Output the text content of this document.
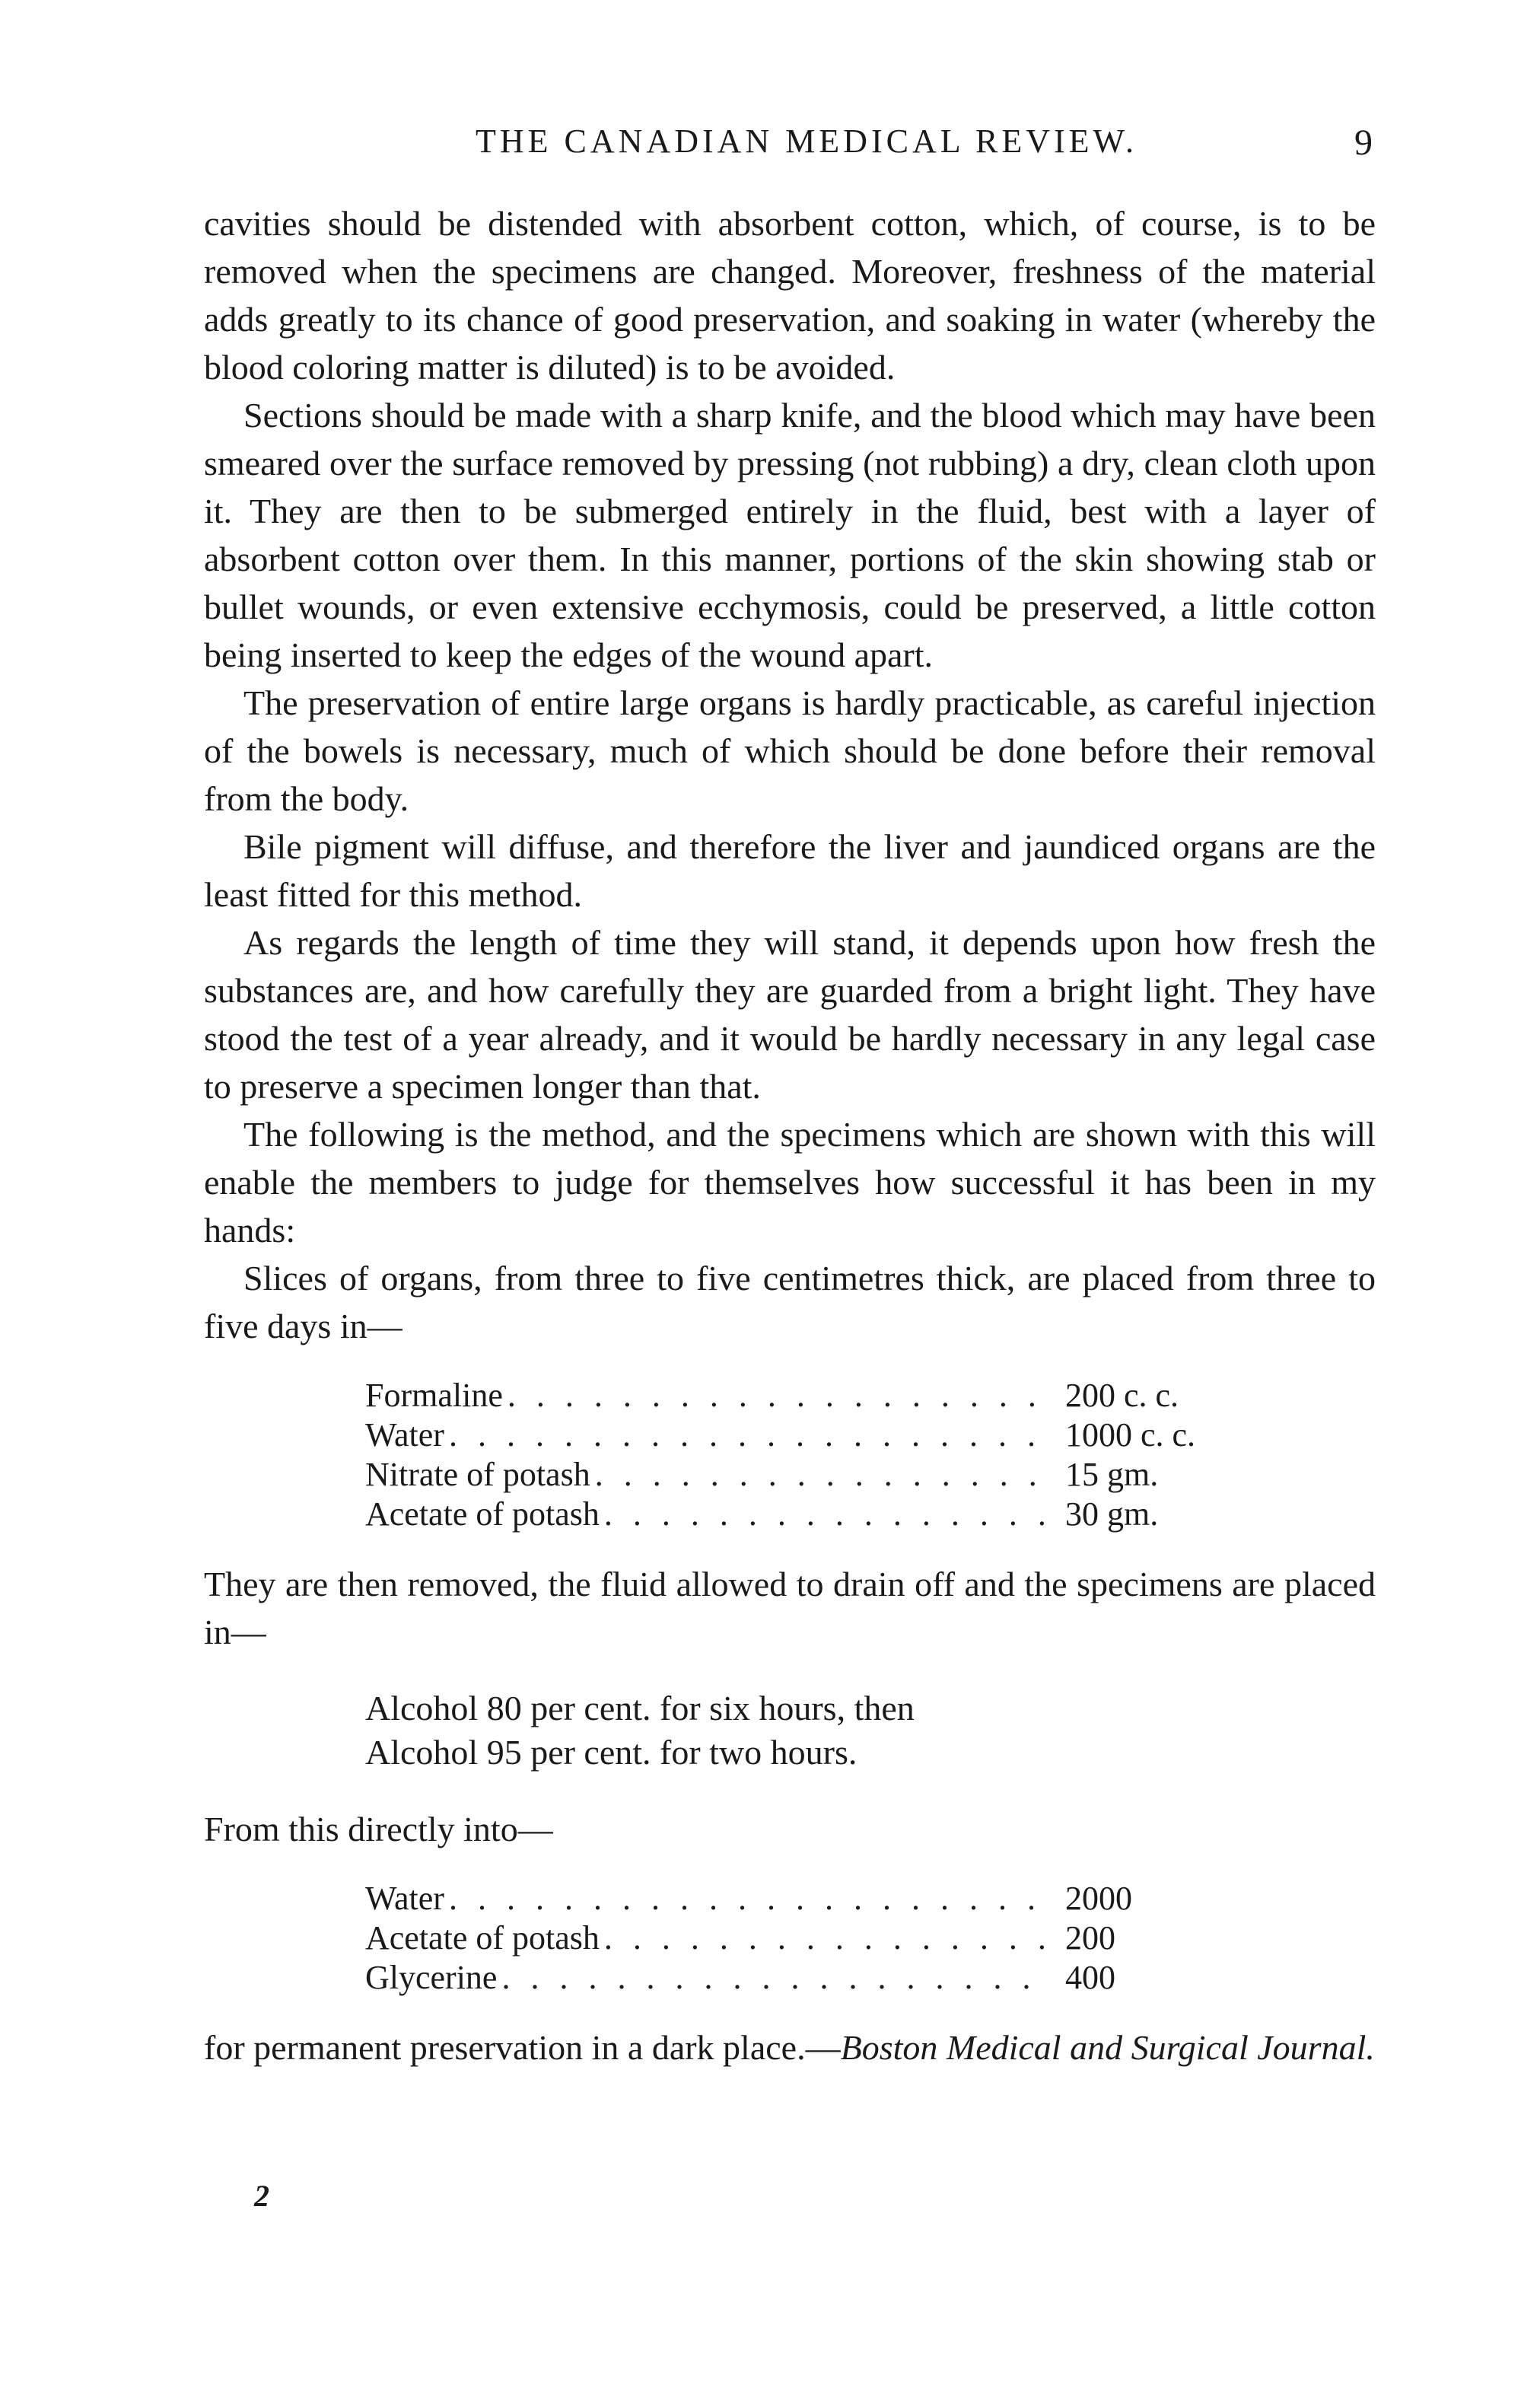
THE CANADIAN MEDICAL REVIEW.	9

cavities should be distended with absorbent cotton, which, of course, is to be removed when the specimens are changed. Moreover, freshness of the material adds greatly to its chance of good preservation, and soaking in water (whereby the blood coloring matter is diluted) is to be avoided.

Sections should be made with a sharp knife, and the blood which may have been smeared over the surface removed by pressing (not rubbing) a dry, clean cloth upon it. They are then to be submerged entirely in the fluid, best with a layer of absorbent cotton over them. In this manner, portions of the skin showing stab or bullet wounds, or even extensive ecchymosis, could be preserved, a little cotton being inserted to keep the edges of the wound apart.

The preservation of entire large organs is hardly practicable, as careful injection of the bowels is necessary, much of which should be done before their removal from the body.

Bile pigment will diffuse, and therefore the liver and jaundiced organs are the least fitted for this method.

As regards the length of time they will stand, it depends upon how fresh the substances are, and how carefully they are guarded from a bright light. They have stood the test of a year already, and it would be hardly necessary in any legal case to preserve a specimen longer than that.

The following is the method, and the specimens which are shown with this will enable the members to judge for themselves how successful it has been in my hands:

Slices of organs, from three to five centimetres thick, are placed from three to five days in—

Formaline . . .	200 c. c.
Water . . .	1000 c. c.
Nitrate of potash . . .	15 gm.
Acetate of potash . . .	30 gm.

They are then removed, the fluid allowed to drain off and the specimens are placed in—

Alcohol 80 per cent. for six hours, then
Alcohol 95 per cent. for two hours.

From this directly into—

Water . . .	2000
Acetate of potash . . .	200
Glycerine . . .	400

for permanent preservation in a dark place.—Boston Medical and Surgical Journal.

2
